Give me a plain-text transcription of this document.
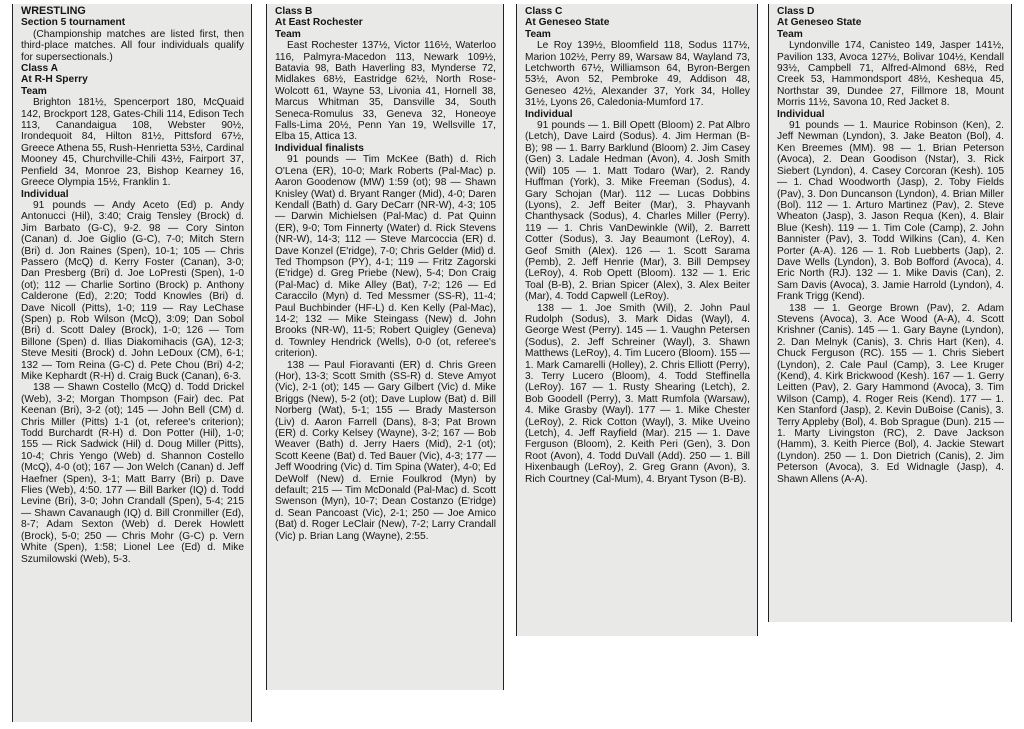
WRESTLING

Section 5 tournament

(Championship matches are listed first, then third-place matches. All four individuals qualify for supersectionals.)

Class A

At R-H Sperry

Team

Brighton 181½, Spencerport 180, McQuaid 142, Brockport 128, Gates-Chili 114, Edison Tech 113, Canandaigua 108, Webster 90½, Irondequoit 84, Hilton 81½, Pittsford 67½, Greece Athena 55, Rush-Henrietta 53½, Cardinal Mooney 45, Churchville-Chili 43½, Fairport 37, Penfield 34, Monroe 23, Bishop Kearney 16, Greece Olympia 15½, Franklin 1.

Individual

91 pounds — Andy Aceto (Ed) p. Andy Antonucci (Hil), 3:40; Craig Tensley (Brock) d. Jim Barbato (G-C), 9-2. 98 — Cory Sinton (Canan) d. Joe Giglio (G-C), 7-0; Mitch Stern (Bri) d. Jon Raines (Spen), 10-1; 105 — Chris Passero (McQ) d. Kerry Foster (Canan), 3-0; Dan Presberg (Bri) d. Joe LoPresti (Spen), 1-0 (ot); 112 — Charlie Sortino (Brock) p. Anthony Calderone (Ed), 2:20; Todd Knowles (Bri) d. Dave Nicoll (Pitts), 1-0; 119 — Ray LeChase (Spen) p. Rob Wilson (McQ), 3:09; Dan Sobol (Bri) d. Scott Daley (Brock), 1-0; 126 — Tom Billone (Spen) d. Ilias Diakomihacis (GA), 12-3; Steve Mesiti (Brock) d. John LeDoux (CM), 6-1; 132 — Tom Reina (G-C) d. Pete Chou (Bri) 4-2; Mike Kephardt (R-H) d. Craig Buck (Canan), 6-3.

138 — Shawn Costello (McQ) d. Todd Drickel (Web), 3-2; Morgan Thompson (Fair) dec. Pat Keenan (Bri), 3-2 (ot); 145 — John Bell (CM) d. Chris Miller (Pitts) 1-1 (ot, referee's criterion); Todd Burchardt (R-H) d. Don Potter (Hil), 1-0; 155 — Rick Sadwick (Hil) d. Doug Miller (Pitts), 10-4; Chris Yengo (Web) d. Shannon Costello (McQ), 4-0 (ot); 167 — Jon Welch (Canan) d. Jeff Haefner (Spen), 3-1; Matt Barry (Bri) p. Dave Flies (Web), 4:50. 177 — Bill Barker (IQ) d. Todd Levine (Bri), 3-0; John Crandall (Spen), 5-4; 215 — Shawn Cavanaugh (IQ) d. Bill Cronmiller (Ed), 8-7; Adam Sexton (Web) d. Derek Howlett (Brock), 5-0; 250 — Chris Mohr (G-C) p. Vern White (Spen), 1:58; Lionel Lee (Ed) d. Mike Szumilowski (Web), 5-3.

Class B

At East Rochester

Team

East Rochester 137½, Victor 116½, Waterloo 116, Palmyra-Macedon 113, Newark 109½, Batavia 98, Bath Haverling 83, Mynderse 72, Midlakes 68½, Eastridge 62½, North Rose-Wolcott 61, Wayne 53, Livonia 41, Hornell 38, Marcus Whitman 35, Dansville 34, South Seneca-Romulus 33, Geneva 32, Honeoye Falls-Lima 20½, Penn Yan 19, Wellsville 17, Elba 15, Attica 13.

Individual finalists

91 pounds — Tim McKee (Bath) d. Rich O'Lena (ER), 10-0; Mark Roberts (Pal-Mac) p. Aaron Goodenow (MW) 1:59 (ot); 98 — Shawn Knisley (Wat) d. Bryant Ranger (Mid), 4-0; Daren Kendall (Bath) d. Gary DeCarr (NR-W), 4-3; 105 — Darwin Michielsen (Pal-Mac) d. Pat Quinn (ER), 9-0; Tom Finnerty (Water) d. Rick Stevens (NR-W), 14-3; 112 — Steve Marcoccia (ER) d. Dave Konzel (E'ridge), 7-0; Chris Gelder (Mid) d. Ted Thompson (PY), 4-1; 119 — Fritz Zagorski (E'ridge) d. Greg Priebe (New), 5-4; Don Craig (Pal-Mac) d. Mike Alley (Bat), 7-2; 126 — Ed Caraccilo (Myn) d. Ted Messmer (SS-R), 11-4; Paul Buchbinder (HF-L) d. Ken Kelly (Pal-Mac), 14-2; 132 — Mike Steingass (New) d. John Brooks (NR-W), 11-5; Robert Quigley (Geneva) d. Townley Hendrick (Wells), 0-0 (ot, referee's criterion).

138 — Paul Fioravanti (ER) d. Chris Green (Hor), 13-3; Scott Smith (SS-R) d. Steve Amyot (Vic), 2-1 (ot); 145 — Gary Gilbert (Vic) d. Mike Briggs (New), 5-2 (ot); Dave Luplow (Bat) d. Bill Norberg (Wat), 5-1; 155 — Brady Masterson (Liv) d. Aaron Farrell (Dans), 8-3; Pat Brown (ER) d. Corky Kelsey (Wayne), 3-2; 167 — Bob Weaver (Bath) d. Jerry Haers (Mid), 2-1 (ot); Scott Keene (Bat) d. Ted Bauer (Vic), 4-3; 177 — Jeff Woodring (Vic) d. Tim Spina (Water), 4-0; Ed DeWolf (New) d. Ernie Foulkrod (Myn) by default; 215 — Tim McDonald (Pal-Mac) d. Scott Swenson (Myn), 10-7; Dean Costanzo (E'ridge) d. Sean Pancoast (Vic), 2-1; 250 — Joe Amico (Bat) d. Roger LeClair (New), 7-2; Larry Crandall (Vic) p. Brian Lang (Wayne), 2:55.

Class C

At Geneseo State

Team

Le Roy 139½, Bloomfield 118, Sodus 117½, Marion 102½, Perry 89, Warsaw 84, Wayland 73, Letchworth 67½, Williamson 64, Byron-Bergen 53½, Avon 52, Pembroke 49, Addison 48, Geneseo 42½, Alexander 37, York 34, Holley 31½, Lyons 26, Caledonia-Mumford 17.

Individual

91 pounds — 1. Bill Opett (Bloom) 2. Pat Albro (Letch), Dave Laird (Sodus). 4. Jim Herman (B-B); 98 — 1. Barry Barklund (Bloom) 2. Jim Casey (Gen) 3. Ladale Hedman (Avon), 4. Josh Smith (Wil) 105 — 1. Matt Todaro (War), 2. Randy Huffman (York), 3. Mike Freeman (Sodus), 4. Gary Schojan (Mar). 112 — Lucas Dobbins (Lyons), 2. Jeff Beiter (Mar), 3. Phayvanh Chanthysack (Sodus), 4. Charles Miller (Perry). 119 — 1. Chris VanDewinkle (Wil), 2. Barrett Cotter (Sodus), 3. Jay Beaumont (LeRoy), 4. Geof Smith (Alex). 126 — 1. Scott Sarama (Pemb), 2. Jeff Henrie (Mar), 3. Bill Dempsey (LeRoy), 4. Rob Opett (Bloom). 132 — 1. Eric Toal (B-B), 2. Brian Spicer (Alex), 3. Alex Beiter (Mar), 4. Todd Capwell (LeRoy).

138 — 1. Joe Smith (Wil), 2. John Paul Rudolph (Sodus), 3. Mark Didas (Wayl), 4. George West (Perry). 145 — 1. Vaughn Petersen (Sodus), 2. Jeff Schreiner (Wayl), 3. Shawn Matthews (LeRoy), 4. Tim Lucero (Bloom). 155 — 1. Mark Camarelli (Holley), 2. Chris Elliott (Perry), 3. Terry Lucero (Bloom), 4. Todd Steffinella (LeRoy). 167 — 1. Rusty Shearing (Letch), 2. Bob Goodell (Perry), 3. Matt Rumfola (Warsaw), 4. Mike Grasby (Wayl). 177 — 1. Mike Chester (LeRoy), 2. Rick Cotton (Wayl), 3. Mike Uveino (Letch), 4. Jeff Rayfield (Mar). 215 — 1. Dave Ferguson (Bloom), 2. Keith Peri (Gen), 3. Don Root (Avon), 4. Todd DuVall (Add). 250 — 1. Bill Hixenbaugh (LeRoy), 2. Greg Grann (Avon), 3. Rich Courtney (Cal-Mum), 4. Bryant Tyson (B-B).

Class D

At Geneseo State

Team

Lyndonville 174, Canisteo 149, Jasper 141½, Pavilion 133, Avoca 127½, Bolivar 104½, Kendall 93½, Campbell 71, Alfred-Almond 68½, Red Creek 53, Hammondsport 48½, Keshequa 45, Northstar 39, Dundee 27, Fillmore 18, Mount Morris 11½, Savona 10, Red Jacket 8.

Individual

91 pounds — 1. Maurice Robinson (Ken), 2. Jeff Newman (Lyndon), 3. Jake Beaton (Bol), 4. Ken Breemes (MM). 98 — 1. Brian Peterson (Avoca), 2. Dean Goodison (Nstar), 3. Rick Siebert (Lyndon), 4. Casey Corcoran (Kesh). 105 — 1. Chad Woodworth (Jasp), 2. Toby Fields (Pav), 3. Don Duncanson (Lyndon), 4. Brian Miller (Bol). 112 — 1. Arturo Martinez (Pav), 2. Steve Wheaton (Jasp), 3. Jason Requa (Ken), 4. Blair Blue (Kesh). 119 — 1. Tim Cole (Camp), 2. John Bannister (Pav), 3. Todd Wilkins (Can), 4. Ken Porter (A-A). 126 — 1. Rob Luebberts (Jap), 2. Dave Wells (Lyndon), 3. Bob Bofford (Avoca), 4. Eric North (RJ). 132 — 1. Mike Davis (Can), 2. Sam Davis (Avoca), 3. Jamie Harrold (Lyndon), 4. Frank Trigg (Kend).

138 — 1. George Brown (Pav), 2. Adam Stevens (Avoca), 3. Ace Wood (A-A), 4. Scott Krishner (Canis). 145 — 1. Gary Bayne (Lyndon), 2. Dan Melnyk (Canis), 3. Chris Hart (Ken), 4. Chuck Ferguson (RC). 155 — 1. Chris Siebert (Lyndon), 2. Cale Paul (Camp), 3. Lee Kruger (Kend), 4. Kirk Brickwood (Kesh). 167 — 1. Gerry Leitten (Pav), 2. Gary Hammond (Avoca), 3. Tim Wilson (Camp), 4. Roger Reis (Kend). 177 — 1. Ken Stanford (Jasp), 2. Kevin DuBoise (Canis), 3. Terry Appleby (Bol), 4. Bob Sprague (Dun). 215 — 1. Marty Livingston (RC), 2. Dave Jackson (Hamm), 3. Keith Pierce (Bol), 4. Jackie Stewart (Lyndon). 250 — 1. Don Dietrich (Canis), 2. Jim Peterson (Avoca), 3. Ed Widnagle (Jasp), 4. Shawn Allens (A-A).
